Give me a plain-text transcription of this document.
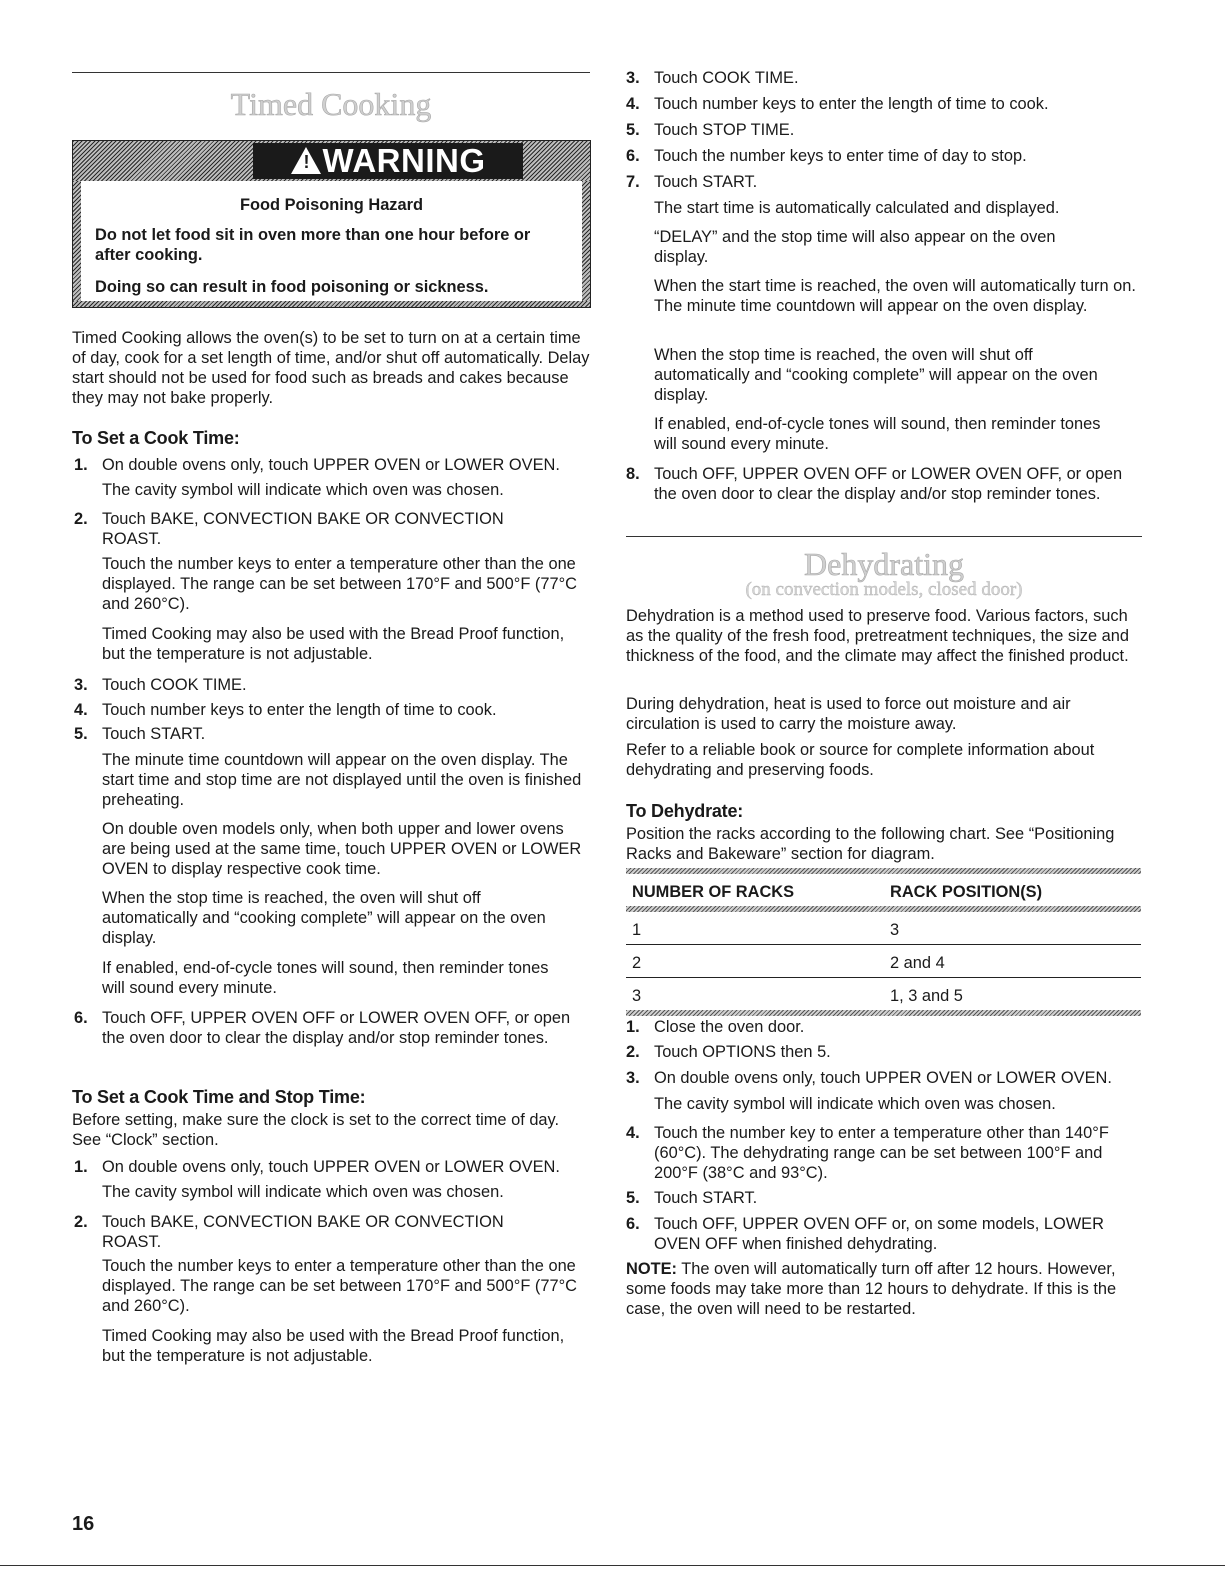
Timed Cooking
! WARNING
Food Poisoning Hazard
Do not let food sit in oven more than one hour before or after cooking.
Doing so can result in food poisoning or sickness.

Timed Cooking allows the oven(s) to be set to turn on at a certain time of day, cook for a set length of time, and/or shut off automatically. Delay start should not be used for food such as breads and cakes because they may not bake properly.

To Set a Cook Time:
1. On double ovens only, touch UPPER OVEN or LOWER OVEN.

The cavity symbol will indicate which oven was chosen.

2. Touch BAKE, CONVECTION BAKE OR CONVECTION ROAST.

Touch the number keys to enter a temperature other than the one displayed. The range can be set between 170°F and 500°F (77°C and 260°C).

Timed Cooking may also be used with the Bread Proof function, but the temperature is not adjustable.

3. Touch COOK TIME.

4. Touch number keys to enter the length of time to cook.

5. Touch START.

The minute time countdown will appear on the oven display. The start time and stop time are not displayed until the oven is finished preheating.

On double oven models only, when both upper and lower ovens are being used at the same time, touch UPPER OVEN or LOWER OVEN to display respective cook time.

When the stop time is reached, the oven will shut off automatically and “cooking complete” will appear on the oven display.

If enabled, end-of-cycle tones will sound, then reminder tones will sound every minute.

6. Touch OFF, UPPER OVEN OFF or LOWER OVEN OFF, or open the oven door to clear the display and/or stop reminder tones.

To Set a Cook Time and Stop Time:

Before setting, make sure the clock is set to the correct time of day. See “Clock” section.

1. On double ovens only, touch UPPER OVEN or LOWER OVEN.

The cavity symbol will indicate which oven was chosen.

2. Touch BAKE, CONVECTION BAKE OR CONVECTION ROAST.

Touch the number keys to enter a temperature other than the one displayed. The range can be set between 170°F and 500°F (77°C and 260°C).

Timed Cooking may also be used with the Bread Proof function, but the temperature is not adjustable.

16
3. Touch COOK TIME.

4. Touch number keys to enter the length of time to cook.

5. Touch STOP TIME.

6. Touch the number keys to enter time of day to stop.

7. Touch START.

The start time is automatically calculated and displayed.

“DELAY” and the stop time will also appear on the oven display.

When the start time is reached, the oven will automatically turn on. The minute time countdown will appear on the oven display.

When the stop time is reached, the oven will shut off automatically and “cooking complete” will appear on the oven display.

If enabled, end-of-cycle tones will sound, then reminder tones will sound every minute.

8. Touch OFF, UPPER OVEN OFF or LOWER OVEN OFF, or open the oven door to clear the display and/or stop reminder tones.

Dehydrating
(on convection models, closed door)

Dehydration is a method used to preserve food. Various factors, such as the quality of the fresh food, pretreatment techniques, the size and thickness of the food, and the climate may affect the finished product.

During dehydration, heat is used to force out moisture and air circulation is used to carry the moisture away.

Refer to a reliable book or source for complete information about dehydrating and preserving foods.

To Dehydrate:

Position the racks according to the following chart. See “Positioning Racks and Bakeware” section for diagram.

NUMBER OF RACKS	RACK POSITION(S)
1	3
2	2 and 4
3	1, 3 and 5
1. Close the oven door.

2. Touch OPTIONS then 5.

3. On double ovens only, touch UPPER OVEN or LOWER OVEN.

The cavity symbol will indicate which oven was chosen.

4. Touch the number key to enter a temperature other than 140°F (60°C). The dehydrating range can be set between 100°F and 200°F (38°C and 93°C).

5. Touch START.

6. Touch OFF, UPPER OVEN OFF or, on some models, LOWER OVEN OFF when finished dehydrating.

NOTE: The oven will automatically turn off after 12 hours. However, some foods may take more than 12 hours to dehydrate. If this is the case, the oven will need to be restarted.
